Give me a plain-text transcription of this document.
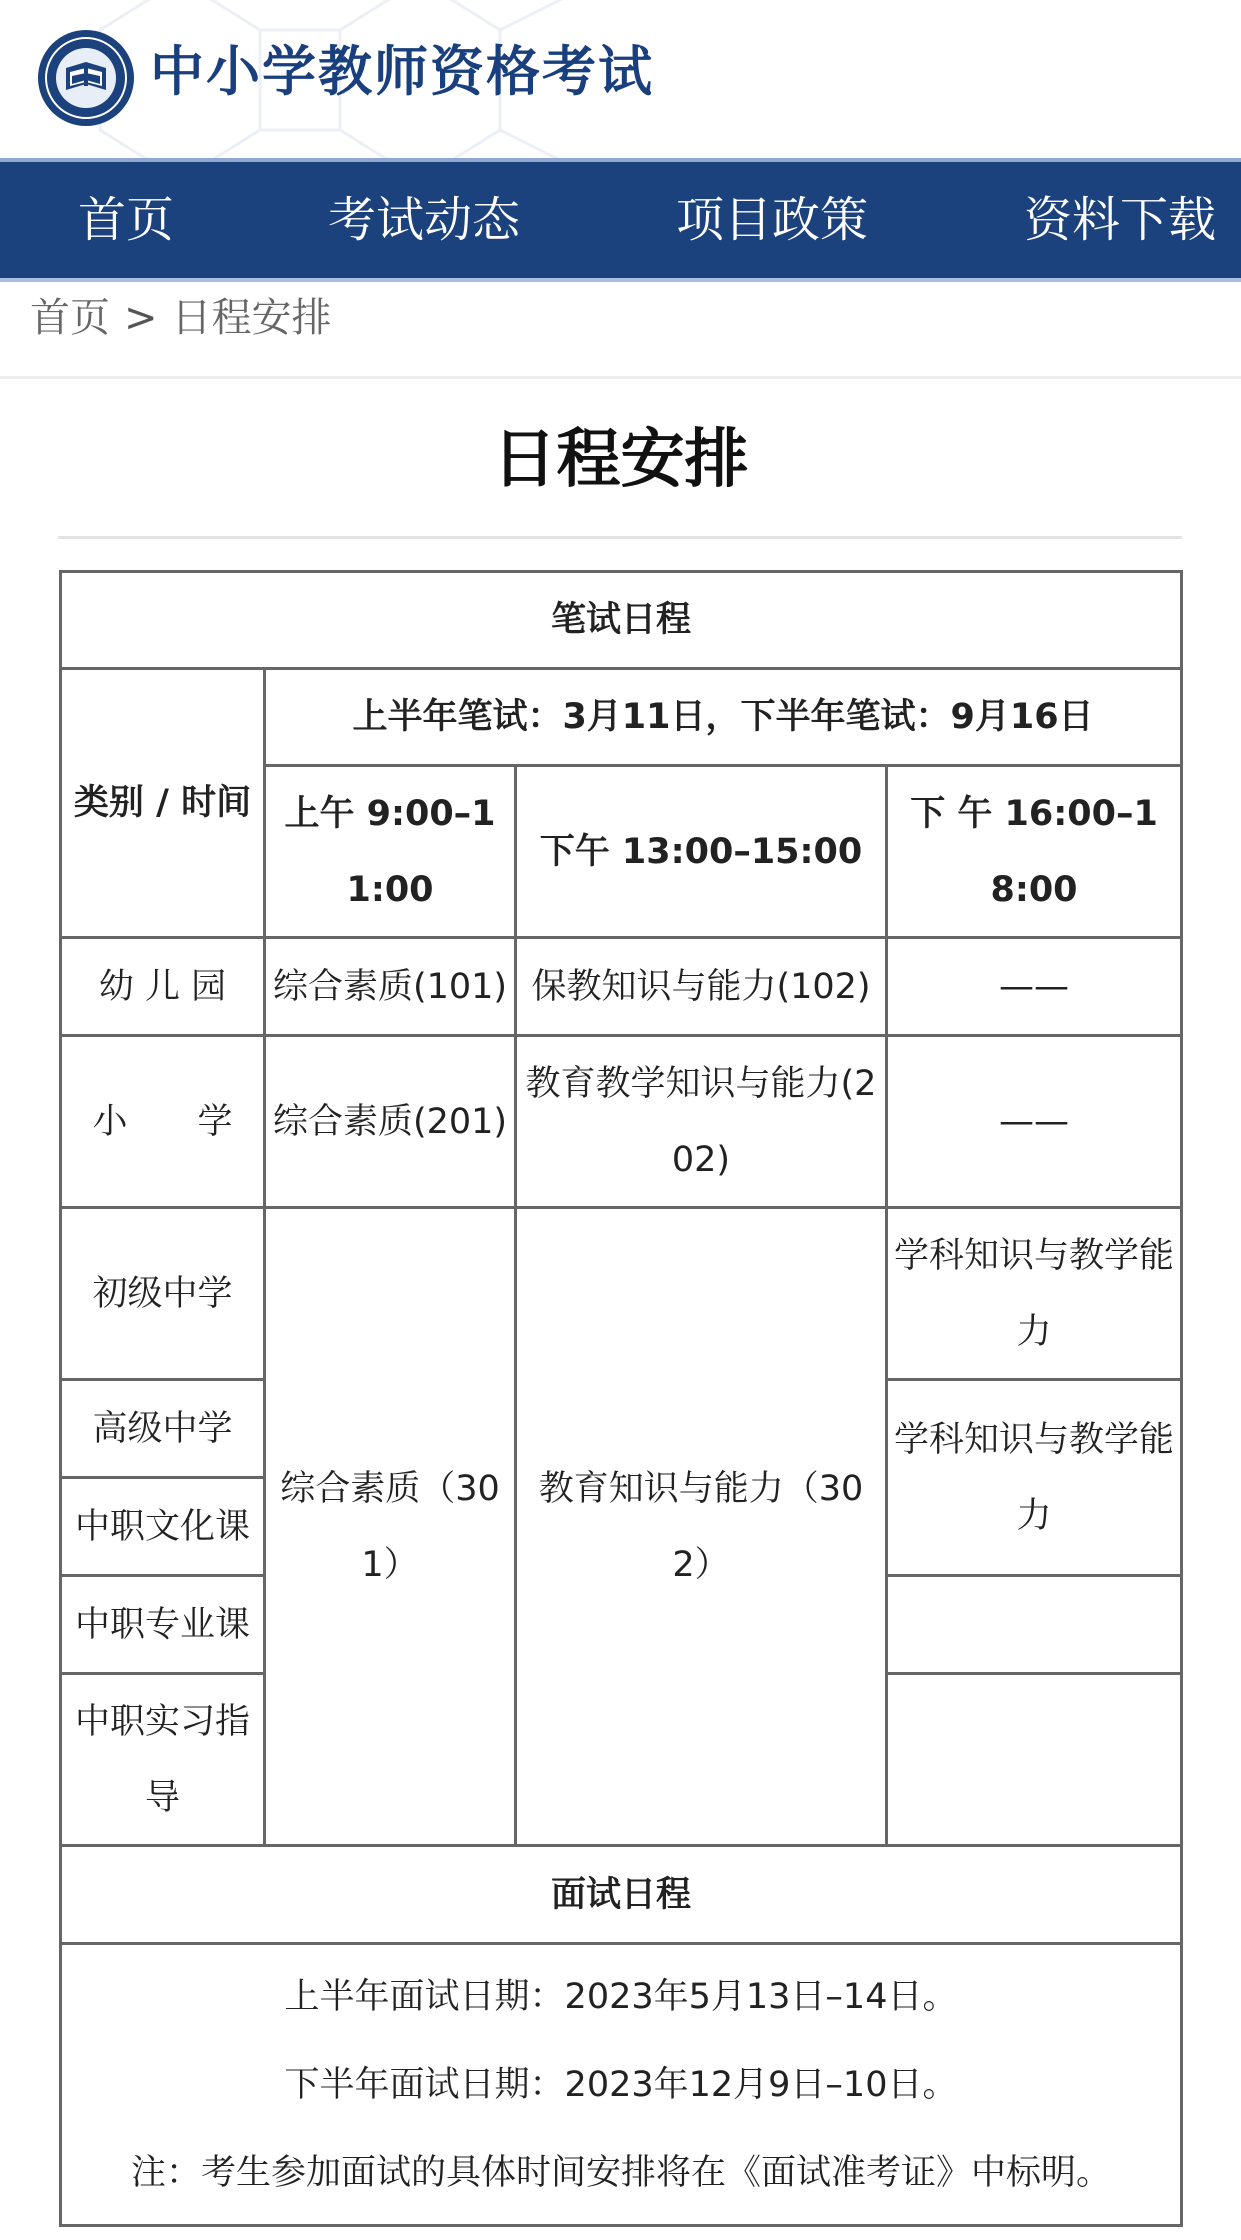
中小学教师资格考试
首页	考试动态	项目政策	资料下载
首页 > 日程安排
日程安排
笔试日程			
类别 / 时间	上半年笔试：3月11日，下半年笔试：9月16日		
	上午 9:00–11:00	下午 13:00–15:00	下 午 16:00–18:00
幼 儿 园	综合素质(101)	保教知识与能力(102)	——
小　　学	综合素质(201)	教育教学知识与能力(202)	——
初级中学	综合素质（301）	教育知识与能力（302）	学科知识与教学能力
高级中学			学科知识与教学能力
中职文化课			
中职专业课			
中职实习指导			
面试日程			

上半年面试日期：2023年5月13日–14日。
下半年面试日期：2023年12月9日–10日。
注：考生参加面试的具体时间安排将在《面试准考证》中标明。			
